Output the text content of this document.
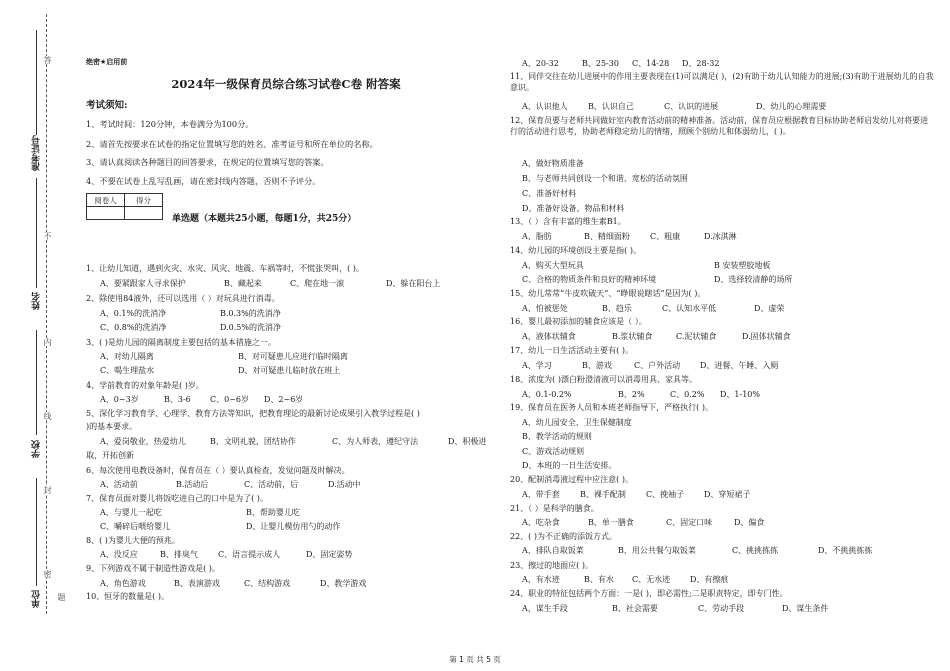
答
不
内
线
封
密
题
准考证号
姓名
学校
单位
绝密★启用前
2024年一级保育员综合练习试卷C卷 附答案
考试须知:
1、考试时间：120分钟，本卷满分为100分。
2、请首先按要求在试卷的指定位置填写您的姓名、准考证号和所在单位的名称。
3、请认真阅读各种题目的回答要求，在规定的位置填写您的答案。
4、不要在试卷上乱写乱画，请在密封线内答题，否则不予评分。
阅卷人	得分

单选题（本题共25小题，每题1分，共25分）
1、让幼儿知道，遇到火灾、水灾、风灾、地震、车祸等时，不慌张哭叫，( )。
A、要紧跟家人寻求保护	B、藏起来	C、爬在地一滚	D、躲在阳台上
2、除使用84液外，还可以选用（ ）对玩具进行消毒。
A、0.1%的洗消净	B.0.3%的洗消净
C、0.8%的洗消净	D.0.5%的洗消净
3、( )是幼儿园的隔离制度主要包括的基本措施之一。
A、对幼儿隔离	B、对可疑患儿应进行临时隔离
C、喝生理盐水	D、对可疑患儿临时放在班上
4、学前教育的对象年龄是( )岁。
A、0~3岁	B、3-6 C、0~6岁 D、2~6岁
5、深化学习教育学、心理学、教育方法等知识，把教育理论的最新讨论成果引入教学过程是( )
)的基本要求。
A、爱岗敬业，热爱幼儿	B、文明礼貌，团结协作	C、为人师表，遵纪守法	D、积极进
取，开拓创新
6、每次使用电教设备时，保育员在（ ）要认真检查，发觉问题及时解决。
A、活动前	B.活动后	C、活动前，后	D.活动中
7、保育员面对婴儿将饭吃进自己的口中是为了( )。
A、与婴儿一起吃	B、帮助婴儿吃
C、嚼碎后喂给婴儿	D、让婴儿模仿用勺的动作
8、( )为婴儿大便的预兆。
A、没反应	B、排臭气	C、语言提示成人	D、固定姿势
9、下列游戏不属于制造性游戏是( )。
A、角色游戏	B、表演游戏	C、结构游戏	D、教学游戏
10、恒牙的数量是( )。
A、20-32	B、25-30 C、14-28 D、28-32
11、同伴交往在幼儿进展中的作用主要表现在(1)可以满足( )，(2)有助于幼儿认知能力的进展;(3)有助于进展幼儿的自我意识。
A、认识他人	B、认识自己	C、认识的进展	D、幼儿的心理需要
12、保育员要与老师共同做好室内教育活动前的精神准备。活动前，保育员应根据教育目标协助老师启发幼儿对将要进行的活动进行思考，协助老师稳定幼儿的情绪，照顾个别幼儿和体弱幼儿，( )。
A、做好物质准备
B、与老师共同创设一个和谐、宽松的活动氛围
C、准备好材料
D、准备好设备、物品和材料
13、（ ）含有丰富的维生素B1。
A、脂肪	B、精细面粉	C、粗康	D.冰淇淋
14、幼儿园的环境创设主要是指( )。
A、购买大型玩具	B 安装塑胶地板
C、合格的物质条件和良好的精神环境	D、选择较清静的场所
15、幼儿常常“牛皮吹破天”、“睁眼说瞎话”是因为( )。
A、怕被惩处	B、趋乐	C、认知水平低	D、虚荣
16、婴儿最初添加的辅食应该是（ ）。
A、液体状辅食	B.浆状辅食	C.泥状辅食	D.固体状辅食
17、幼儿一日生活活动主要有( )。
A、学习	B、游戏	C、户外活动 D、进餐、午睡、入厕
18、浓度为( )漂白粉澄清液可以消毒用具、家具等。
A、0.1-0.2%	B、2%	C、0.2% D、1-10%
19、保育员在医务人员和本班老师指导下，严格执行( )。
A、幼儿园安全、卫生保健制度
B、教学活动的规则
C、游戏活动规则
D、本班的一日生活安排。
20、配制消毒液过程中应注意( )。
A、带手套	B、裸手配制	C、挽袖子 D、穿短裙子
21、（ ）是科学的膳食。
A、吃杂食	B、单一膳食	C、固定口味	D、偏食
22、( )为不正确的添饭方式。
A、排队自取饭菜	B、用公共餐勺取饭菜	C、挑挑拣拣	D、不挑挑拣拣
23、擦过的地面应( )。
A、有水迹	B、有水 C、无水迹 D、有擦痕
24、职业的特征包括两个方面：一是( )，即必需性;二是职责特定，即专门性。
A、谋生手段	B、社会需要	C、劳动手段	D、谋生条件
第 1 页 共 5 页
